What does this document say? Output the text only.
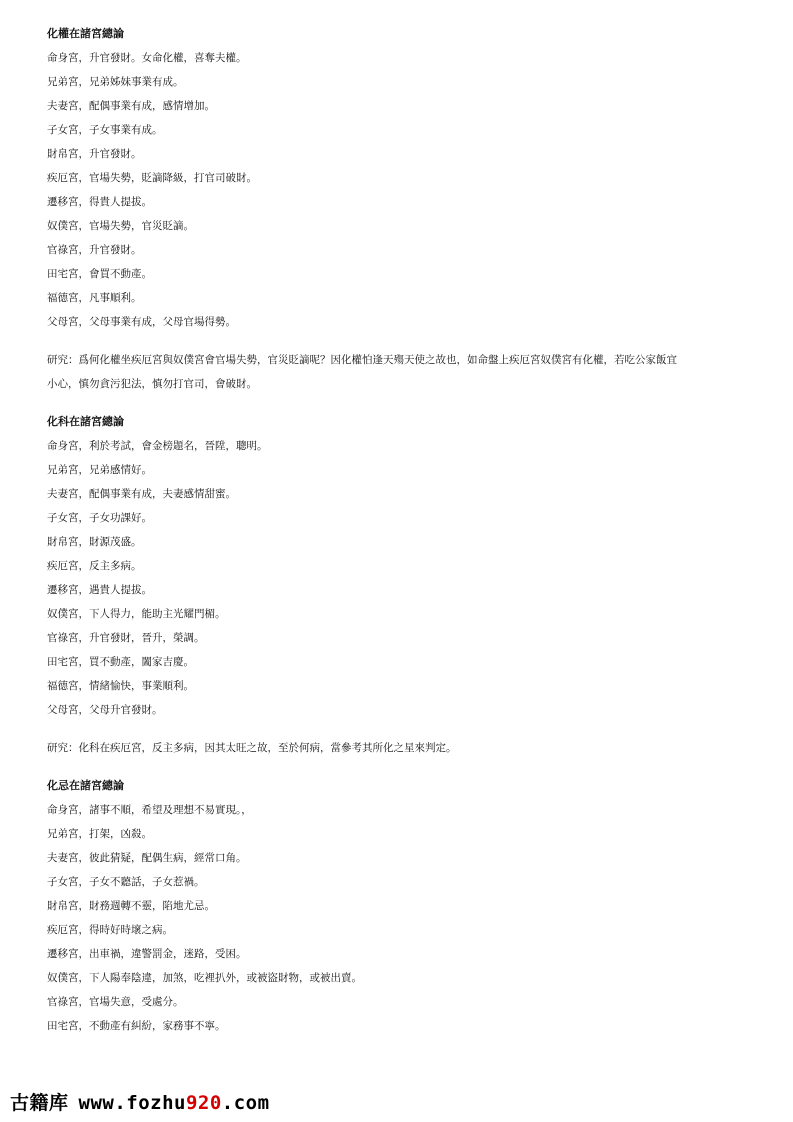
化權在諸宮總論
命身宮，升官發財。女命化權，喜奪夫權。
兄弟宮，兄弟姊妹事業有成。
夫妻宮，配偶事業有成，感情增加。
子女宮，子女事業有成。
財帛宮，升官發財。
疾厄宮，官場失勢，貶謫降級，打官司破財。
遷移宮，得貴人提拔。
奴僕宮，官場失勢，官災貶謫。
官祿宮，升官發財。
田宅宮，會買不動產。
福德宮，凡事順利。
父母宮，父母事業有成，父母官場得勢。
研究：爲何化權坐疾厄宮與奴僕宮會官場失勢，官災貶謫呢？因化權怕逢天殤天使之故也，如命盤上疾厄宮奴僕宮有化權，若吃公家飯宜
小心，慎勿貪污犯法，慎勿打官司，會破財。
化科在諸宮總論
命身宮，利於考試，會金榜題名，晉陞，聰明。
兄弟宮，兄弟感情好。
夫妻宮，配偶事業有成，夫妻感情甜蜜。
子女宮，子女功課好。
財帛宮，財源茂盛。
疾厄宮，反主多病。
遷移宮，遇貴人提拔。
奴僕宮，下人得力，能助主光耀門楣。
官祿宮，升官發財，晉升，榮調。
田宅宮，買不動產，闔家吉慶。
福德宮，情緒愉快，事業順利。
父母宮，父母升官發財。
研究：化科在疾厄宮，反主多病，因其太旺之故，至於何病，當參考其所化之星來判定。
化忌在諸宮總論
命身宮，諸事不順，希望及理想不易實現。，
兄弟宮，打架，凶殺。
夫妻宮，彼此猜疑，配偶生病，經常口角。
子女宮，子女不聽話，子女惹禍。
財帛宮，財務週轉不靈，陷地尤忌。
疾厄宮，得時好時壞之病。
遷移宮，出車禍，違警罰金，迷路，受困。
奴僕宮，下人陽奉陰違，加煞，吃裡扒外，或被盜財物，或被出賣。
官祿宮，官場失意，受處分。
田宅宮，不動產有糾紛，家務事不寧。
古籍库 www.fozhu920.com
